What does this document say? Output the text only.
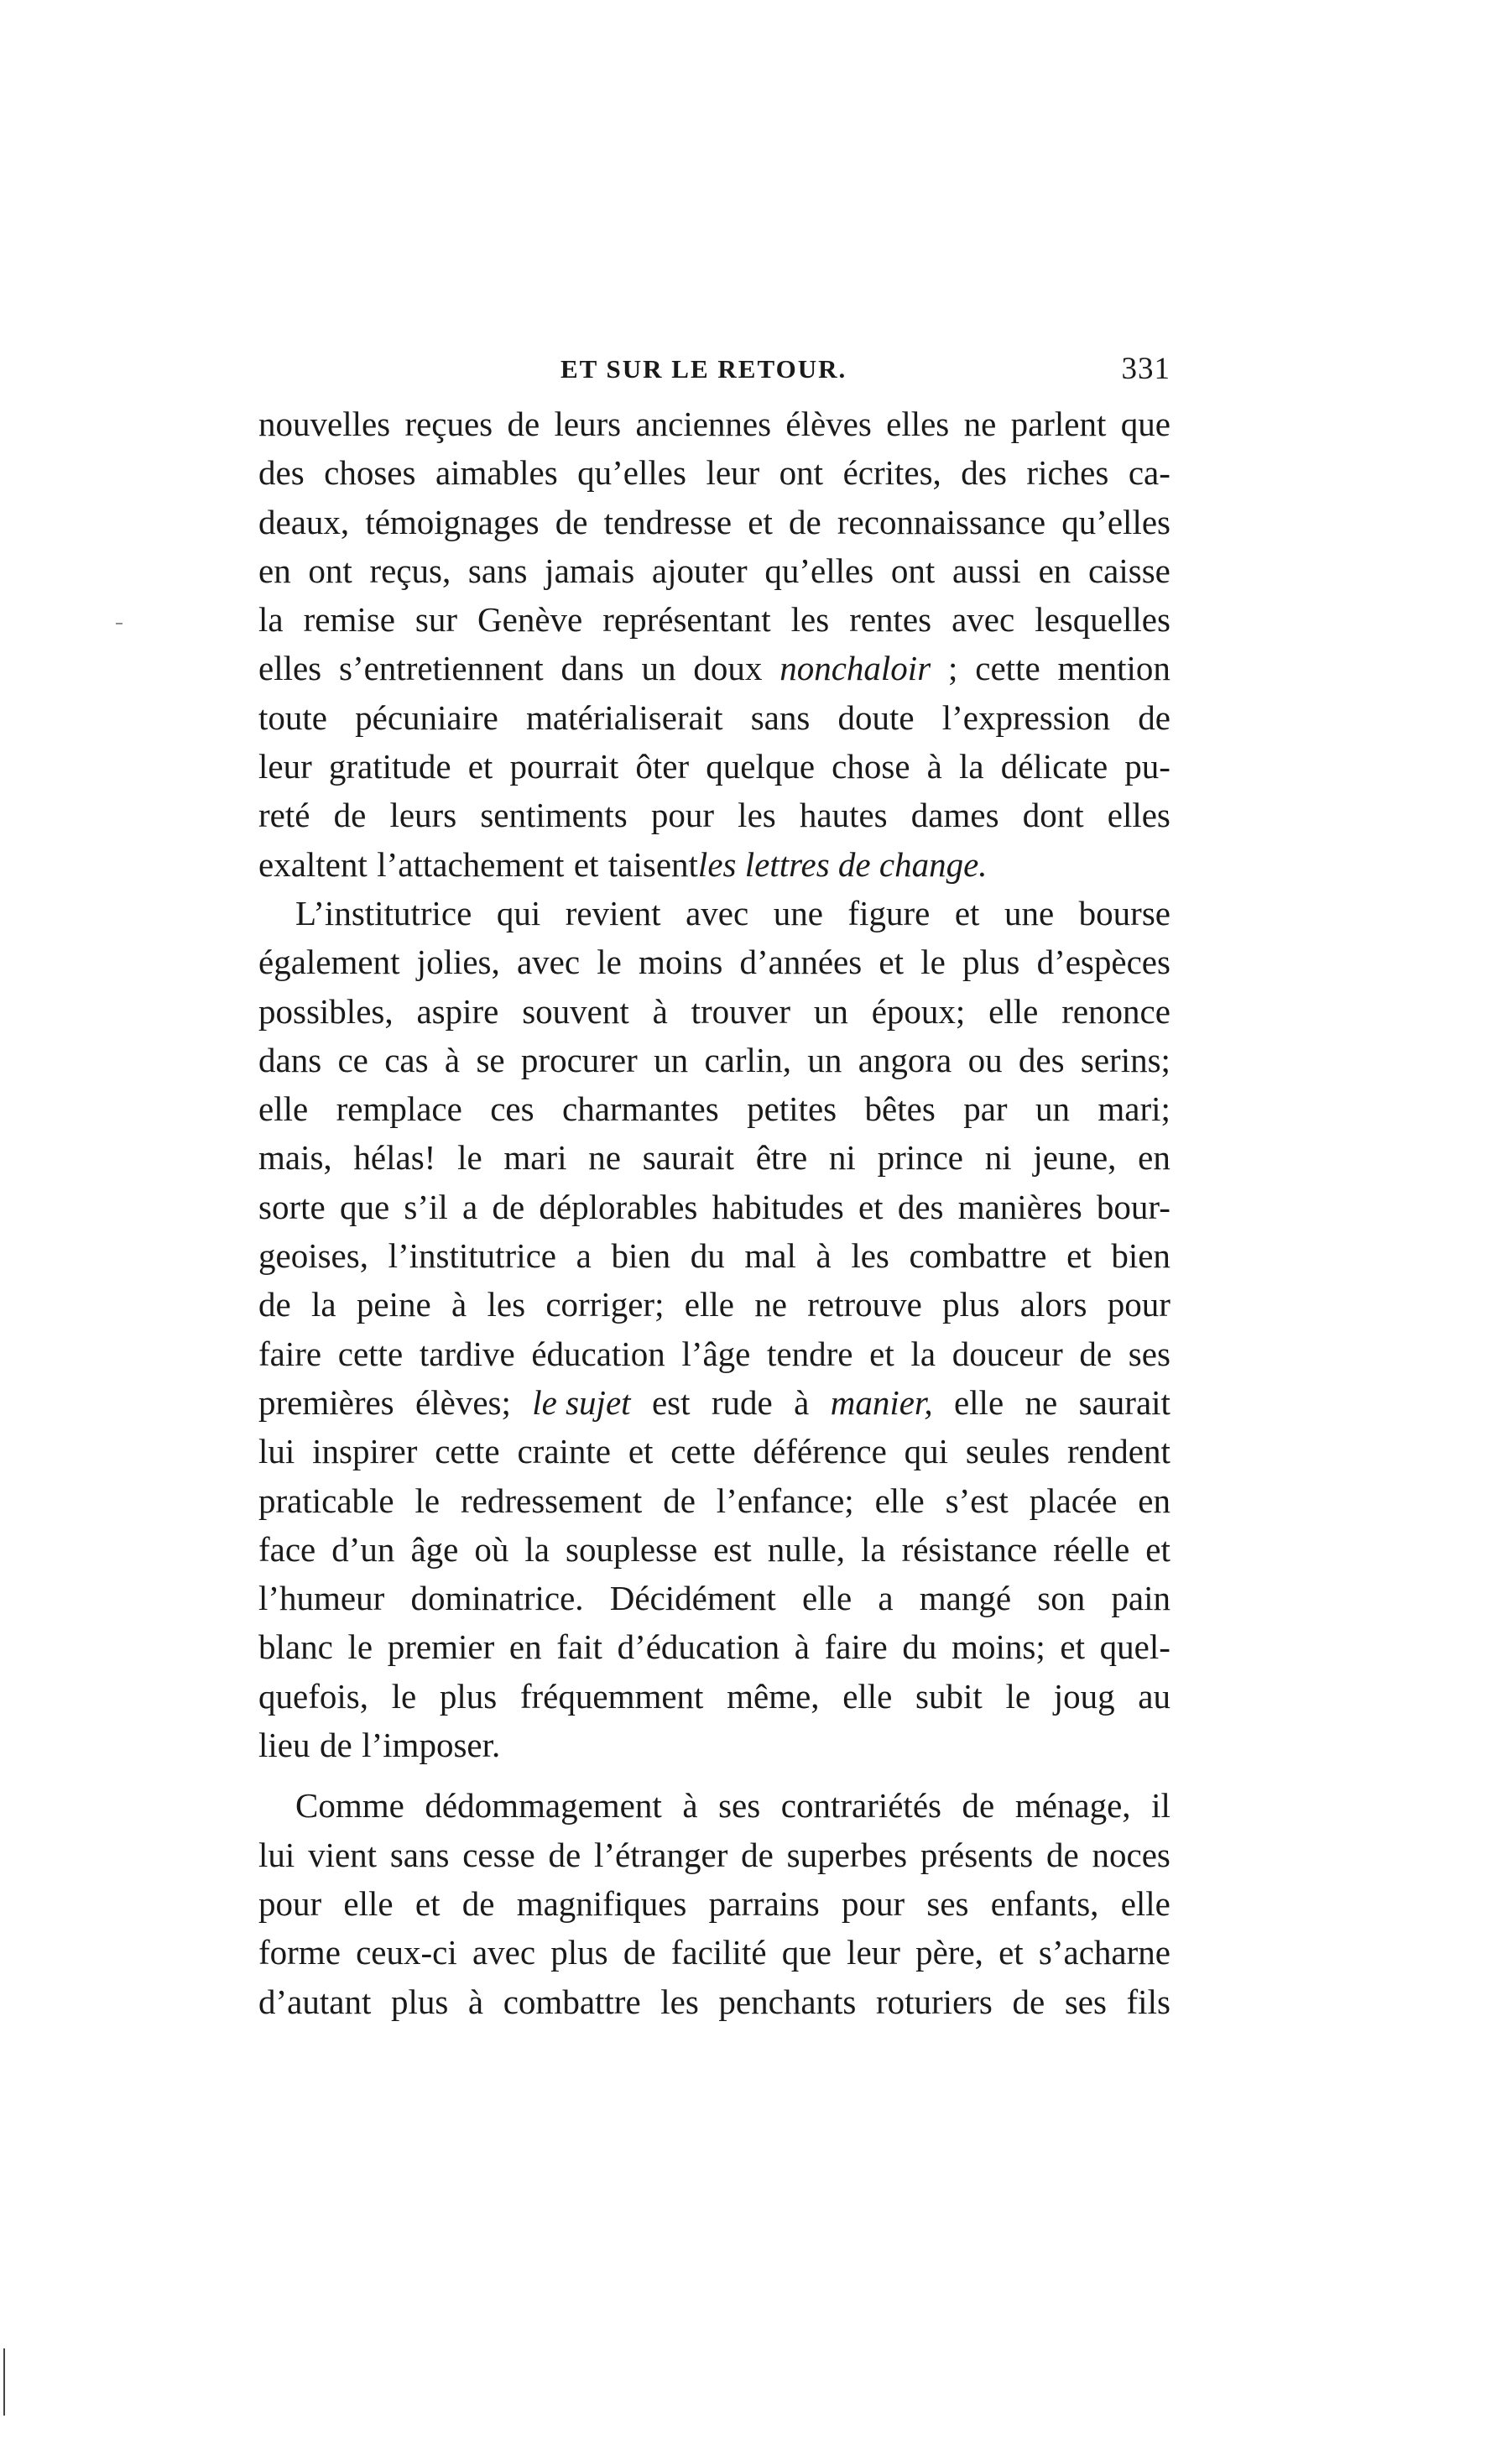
ET SUR LE RETOUR.	331
nouvelles reçues de leurs anciennes élèves elles ne parlent que
des choses aimables qu’elles leur ont écrites, des riches ca-
deaux, témoignages de tendresse et de reconnaissance qu’elles
en ont reçus, sans jamais ajouter qu’elles ont aussi en caisse
la remise sur Genève représentant les rentes avec lesquelles
elles s’entretiennent dans un doux nonchaloir ; cette mention
toute pécuniaire matérialiserait sans doute l’expression de
leur gratitude et pourrait ôter quelque chose à la délicate pu-
reté de leurs sentiments pour les hautes dames dont elles
exaltent l’attachement et taisent les lettres de change.
L’institutrice qui revient avec une figure et une bourse
également jolies, avec le moins d’années et le plus d’espèces
possibles, aspire souvent à trouver un époux; elle renonce
dans ce cas à se procurer un carlin, un angora ou des serins;
elle remplace ces charmantes petites bêtes par un mari;
mais, hélas! le mari ne saurait être ni prince ni jeune, en
sorte que s’il a de déplorables habitudes et des manières bour-
geoises, l’institutrice a bien du mal à les combattre et bien
de la peine à les corriger; elle ne retrouve plus alors pour
faire cette tardive éducation l’âge tendre et la douceur de ses
premières élèves; le sujet est rude à manier, elle ne saurait
lui inspirer cette crainte et cette déférence qui seules rendent
praticable le redressement de l’enfance; elle s’est placée en
face d’un âge où la souplesse est nulle, la résistance réelle et
l’humeur dominatrice. Décidément elle a mangé son pain
blanc le premier en fait d’éducation à faire du moins; et quel-
quefois, le plus fréquemment même, elle subit le joug au
lieu de l’imposer.
Comme dédommagement à ses contrariétés de ménage, il
lui vient sans cesse de l’étranger de superbes présents de noces
pour elle et de magnifiques parrains pour ses enfants, elle
forme ceux-ci avec plus de facilité que leur père, et s’acharne
d’autant plus à combattre les penchants roturiers de ses fils
